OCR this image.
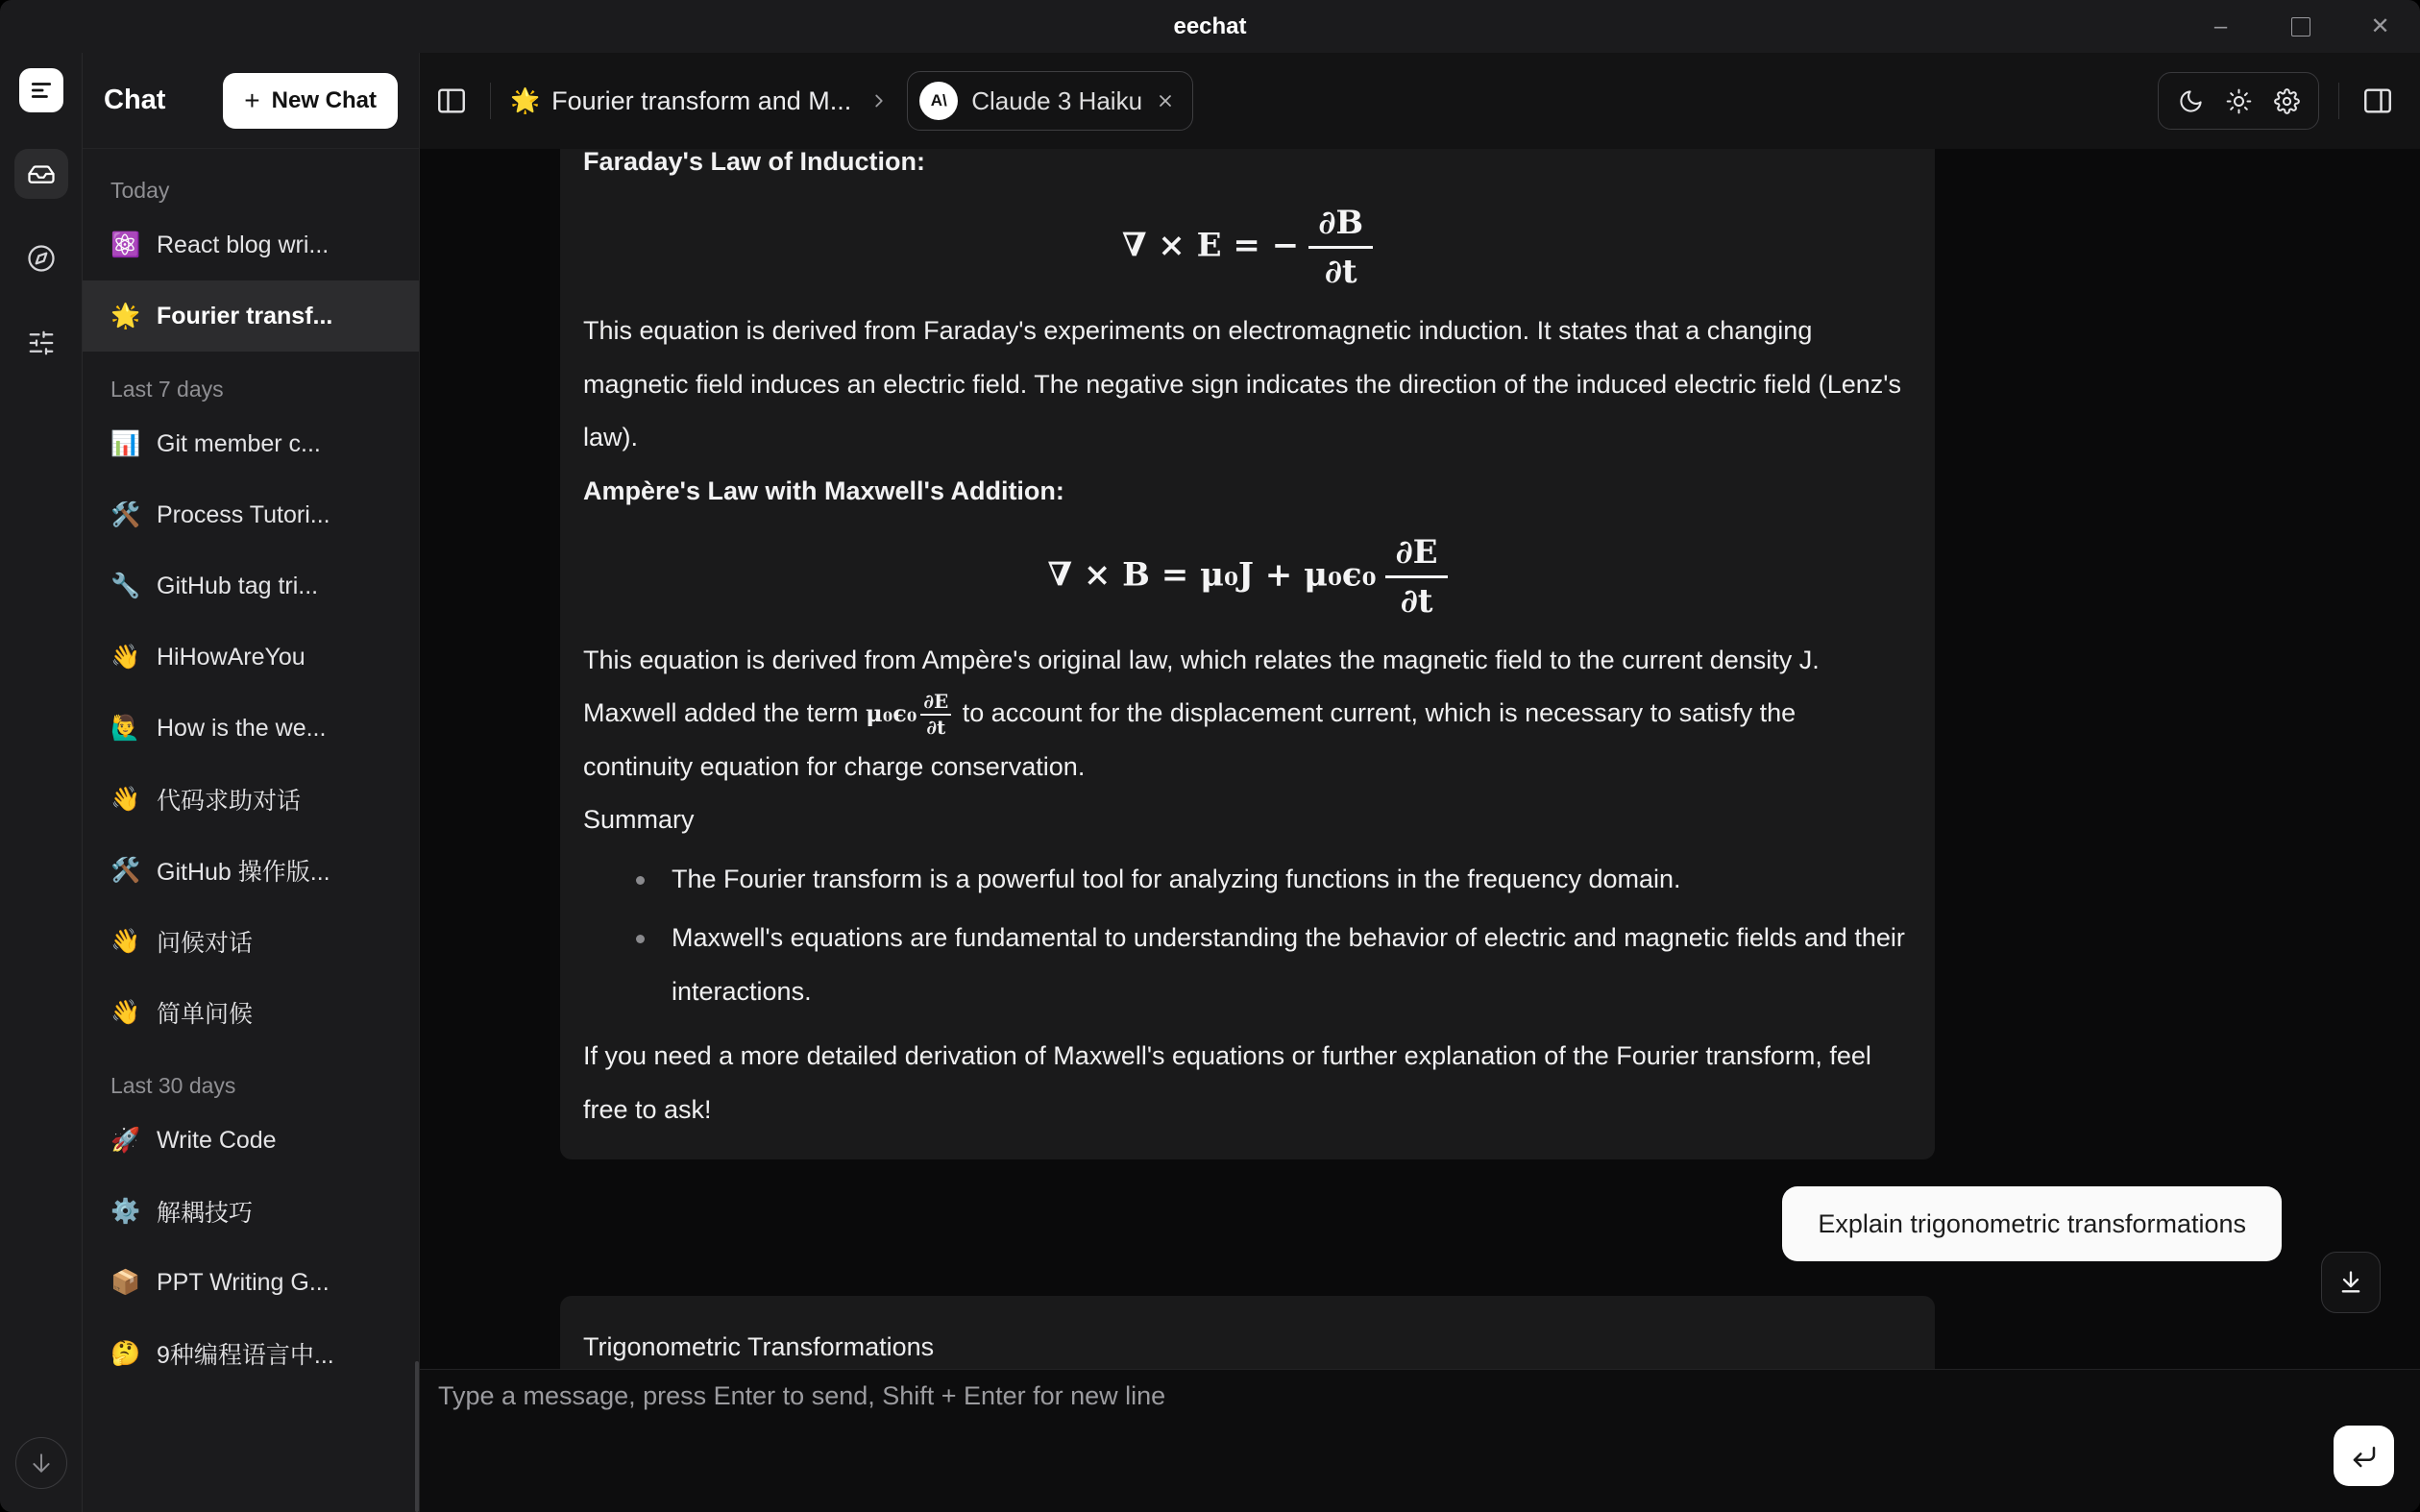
eechat	–	✕
Chat	+ New Chat
Today
⚛️ React blog wri...
🌟 Fourier transf...
Last 7 days
📊 Git member c...
🛠️ Process Tutori...
🔧 GitHub tag tri...
👋 HiHowAreYou
🙋‍♂️ How is the we...
👋 代码求助对话
🛠️ GitHub 操作版...
👋 问候对话
👋 简单问候
Last 30 days
🚀 Write Code
⚙️ 解耦技巧
📦 PPT Writing G...
🤔 9种编程语言中...
🌟 Fourier transform and M...	A\ Claude 3 Haiku
Faraday's Law of Induction:
∇ × E = − $\frac{\partial B}{\partial t}$
This equation is derived from Faraday's experiments on electromagnetic induction. It states that a changing magnetic field induces an electric field. The negative sign indicates the direction of the induced electric field (Lenz's law).
Ampère's Law with Maxwell's Addition:
∇ × $B = \mu_0J + \mu_0\epsilon_0 \frac{\partial E}{\partial t}$
This equation is derived from Ampère's original law, which relates the magnetic field to the current density J. Maxwell added the term $\mu_0\epsilon_0 \frac{\partial E}{\partial t}$ to account for the displacement current, which is necessary to satisfy the continuity equation for charge conservation.
Summary
The Fourier transform is a powerful tool for analyzing functions in the frequency domain.
Maxwell's equations are fundamental to understanding the behavior of electric and magnetic fields and their interactions.
If you need a more detailed derivation of Maxwell's equations or further explanation of the Fourier transform, feel free to ask!
Explain trigonometric transformations
Trigonometric Transformations
Type a message, press Enter to send, Shift + Enter for new line
